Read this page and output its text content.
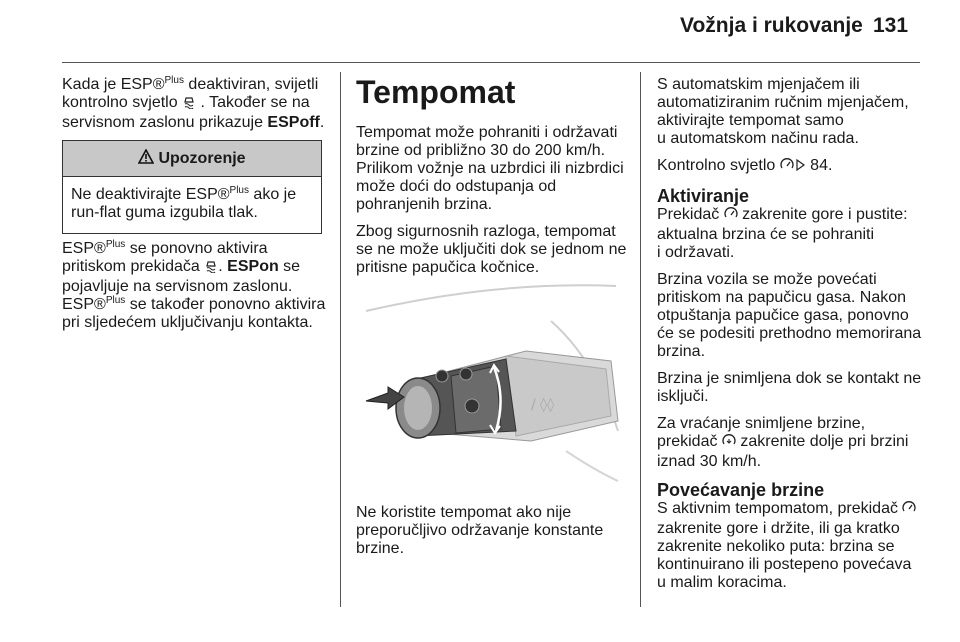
Vožnja i rukovanje 131

Kada je ESP®$^{Plus}$ deaktiviran, svijetli
kontrolno svjetlo  . Također se na
servisnom zaslonu prikazuje ESPoff.

Upozorenje
Ne deaktivirajte ESP®$^{Plus}$ ako je
run-flat guma izgubila tlak.

ESP®$^{Plus}$ se ponovno aktivira
pritiskom prekidača . ESPon se
pojavljuje na servisnom zaslonu.
ESP®$^{Plus}$ se također ponovno aktivira
pri sljedećem uključivanju kontakta.

Tempomat

Tempomat može pohraniti i održavati
brzine od približno 30 do 200 km/h.
Prilikom vožnje na uzbrdici ili nizbrdici
može doći do odstupanja od
pohranjenih brzina.

Zbog sigurnosnih razloga, tempomat
se ne može uključiti dok se jednom ne
pritisne papučica kočnice.

/ ◊◊

Ne koristite tempomat ako nije
preporučljivo održavanje konstante
brzine.

S automatskim mjenjačem ili
automatiziranim ručnim mjenjačem,
aktivirajte tempomat samo
u automatskom načinu rada.

Kontrolno svjetlo  84.

Aktiviranje

Prekidač  zakrenite gore i pustite:
aktualna brzina će se pohraniti
i održavati.

Brzina vozila se može povećati
pritiskom na papučicu gasa. Nakon
otpuštanja papučice gasa, ponovno
će se podesiti prethodno memorirana
brzina.

Brzina je snimljena dok se kontakt ne
isključi.

Za vraćanje snimljene brzine,
prekidač  zakrenite dolje pri brzini
iznad 30 km/h.

Povećavanje brzine

S aktivnim tempomatom, prekidač
zakrenite gore i držite, ili ga kratko
zakrenite nekoliko puta: brzina se
kontinuirano ili postepeno povećava
u malim koracima.
